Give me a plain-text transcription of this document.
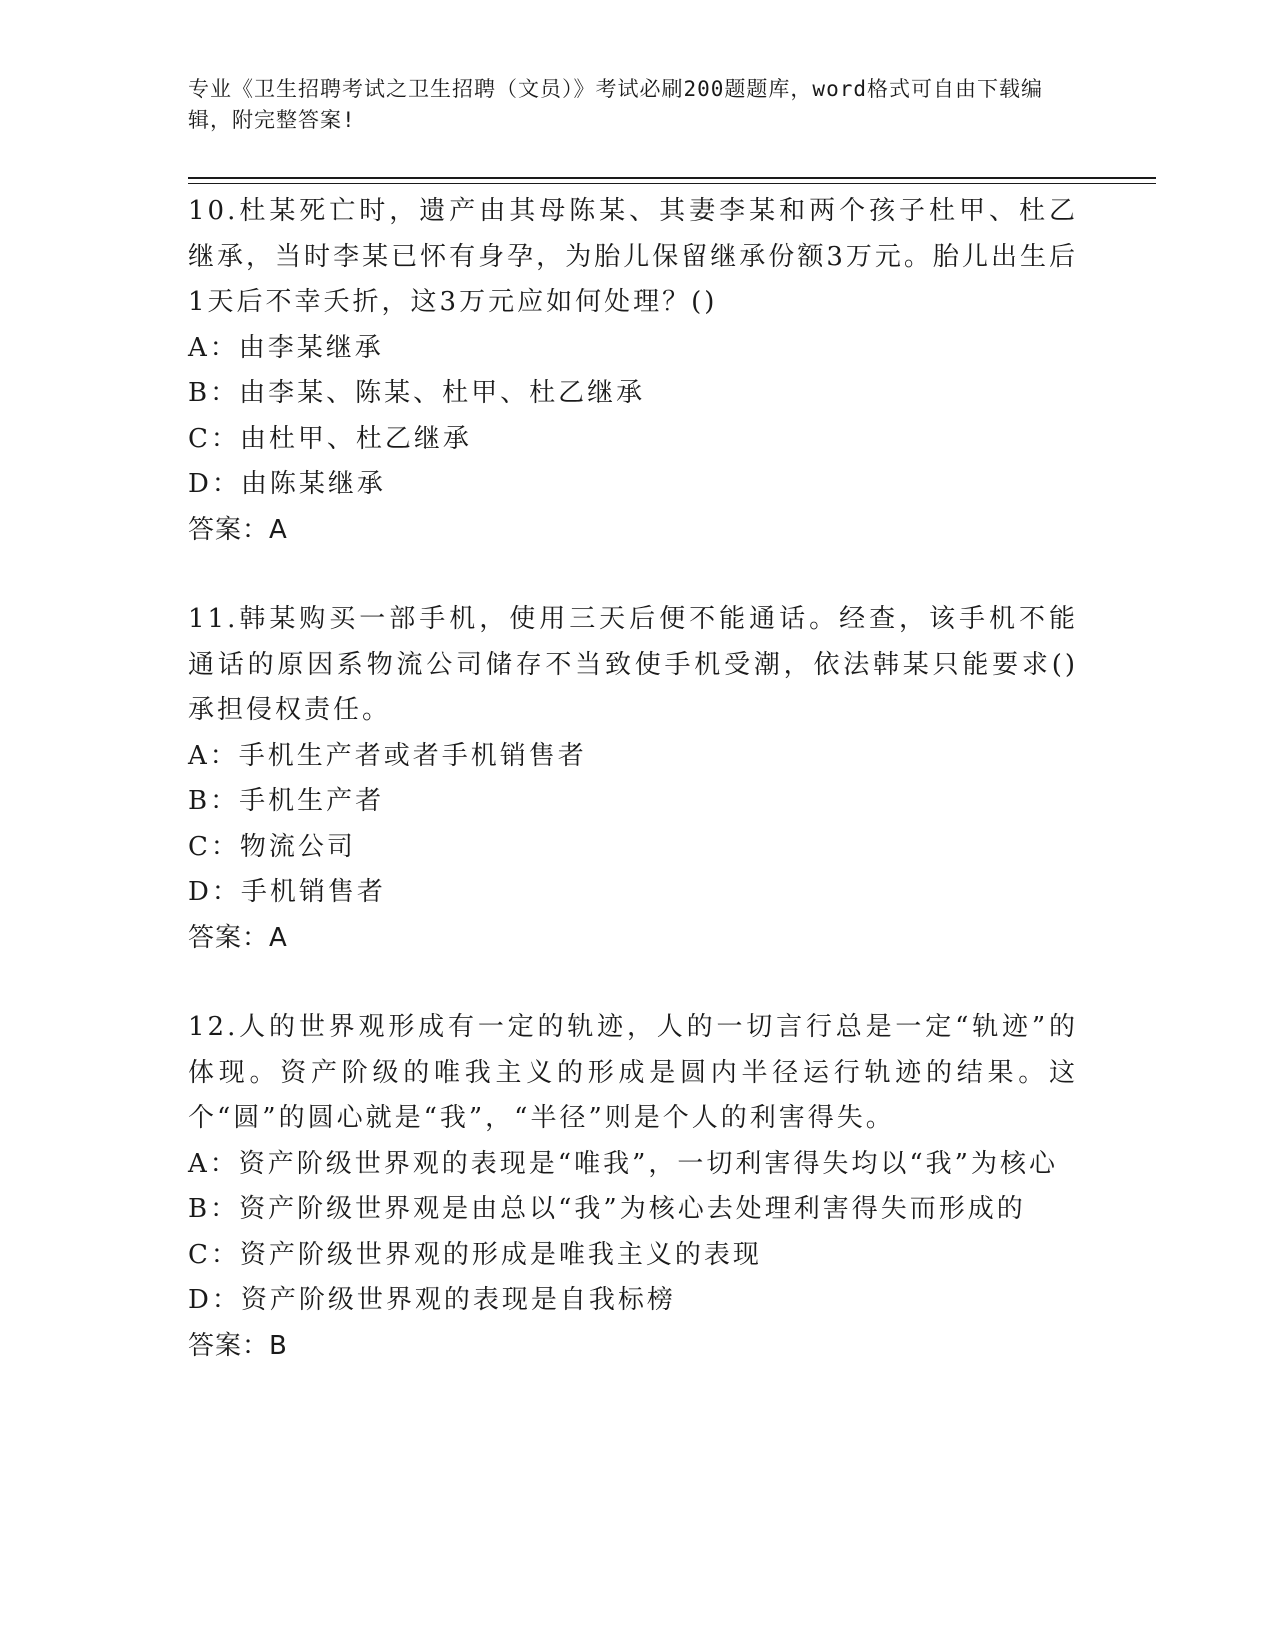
专业《卫生招聘考试之卫生招聘（文员）》考试必刷200题题库，word格式可自由下载编辑，附完整答案!
10.杜某死亡时，遗产由其母陈某、其妻李某和两个孩子杜甲、杜乙继承，当时李某已怀有身孕，为胎儿保留继承份额3万元。胎儿出生后1天后不幸夭折，这3万元应如何处理？()
A：由李某继承
B：由李某、陈某、杜甲、杜乙继承
C：由杜甲、杜乙继承
D：由陈某继承
答案：A
11.韩某购买一部手机，使用三天后便不能通话。经查，该手机不能通话的原因系物流公司储存不当致使手机受潮，依法韩某只能要求()承担侵权责任。
A：手机生产者或者手机销售者
B：手机生产者
C：物流公司
D：手机销售者
答案：A
12.人的世界观形成有一定的轨迹，人的一切言行总是一定“轨迹”的体现。资产阶级的唯我主义的形成是圆内半径运行轨迹的结果。这个“圆”的圆心就是“我”，“半径”则是个人的利害得失。
A：资产阶级世界观的表现是“唯我”，一切利害得失均以“我”为核心
B：资产阶级世界观是由总以“我”为核心去处理利害得失而形成的
C：资产阶级世界观的形成是唯我主义的表现
D：资产阶级世界观的表现是自我标榜
答案：B
